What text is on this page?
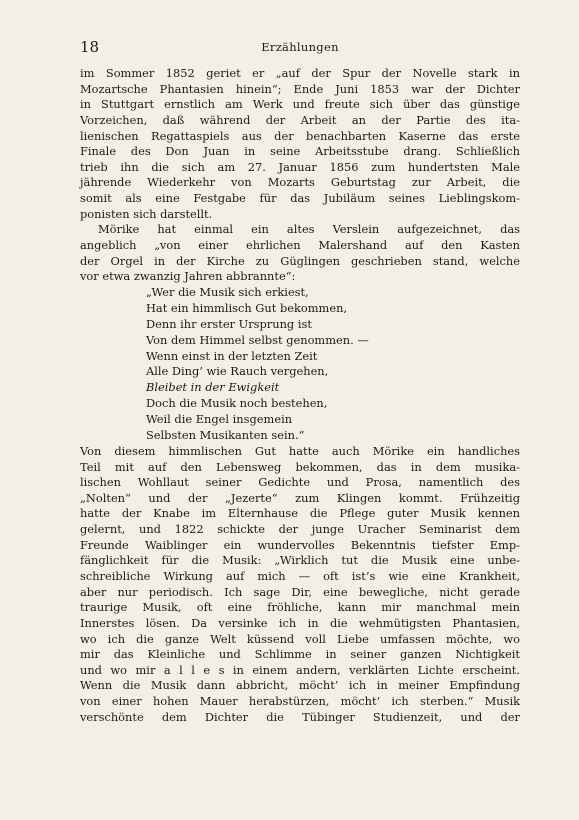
18	Erzählungen
im Sommer 1852 geriet er „auf der Spur der Novelle stark in
Mozartsche Phantasien hinein“; Ende Juni 1853 war der Dichter
in Stuttgart ernstlich am Werk und freute sich über das günstige
Vorzeichen, daß während der Arbeit an der Partie des ita-
lienischen Regattaspiels aus der benachbarten Kaserne das erste
Finale des Don Juan in seine Arbeitsstube drang. Schließlich
trieb ihn die sich am 27. Januar 1856 zum hundertsten Male
jährende Wiederkehr von Mozarts Geburtstag zur Arbeit, die
somit als eine Festgabe für das Jubiläum seines Lieblingskom-
ponisten sich darstellt.
Mörike hat einmal ein altes Verslein aufgezeichnet, das
angeblich „von einer ehrlichen Malershand auf den Kasten
der Orgel in der Kirche zu Güglingen geschrieben stand, welche
vor etwa zwanzig Jahren abbrannte“:
„Wer die Musik sich erkiest,
Hat ein himmlisch Gut bekommen,
Denn ihr erster Ursprung ist
Von dem Himmel selbst genommen. —
Wenn einst in der letzten Zeit
Alle Ding’ wie Rauch vergehen,
Bleibet in der Ewigkeit
Doch die Musik noch bestehen,
Weil die Engel insgemein
Selbsten Musikanten sein.“
Von diesem himmlischen Gut hatte auch Mörike ein handliches
Teil mit auf den Lebensweg bekommen, das in dem musika-
lischen Wohllaut seiner Gedichte und Prosa, namentlich des
„Nolten“ und der „Jezerte“ zum Klingen kommt. Frühzeitig
hatte der Knabe im Elternhause die Pflege guter Musik kennen
gelernt, und 1822 schickte der junge Uracher Seminarist dem
Freunde Waiblinger ein wundervolles Bekenntnis tiefster Emp-
fänglichkeit für die Musik: „Wirklich tut die Musik eine unbe-
schreibliche Wirkung auf mich — oft ist’s wie eine Krankheit,
aber nur periodisch. Ich sage Dir, eine bewegliche, nicht gerade
traurige Musik, oft eine fröhliche, kann mir manchmal mein
Innerstes lösen. Da versinke ich in die wehmütigsten Phantasien,
wo ich die ganze Welt küssend voll Liebe umfassen möchte, wo
mir das Kleinliche und Schlimme in seiner ganzen Nichtigkeit
und wo mir a l l e s in einem andern, verklärten Lichte erscheint.
Wenn die Musik dann abbricht, möcht’ ich in meiner Empfindung
von einer hohen Mauer herabstürzen, möcht’ ich sterben.“ Musik
verschönte dem Dichter die Tübinger Studienzeit, und der
